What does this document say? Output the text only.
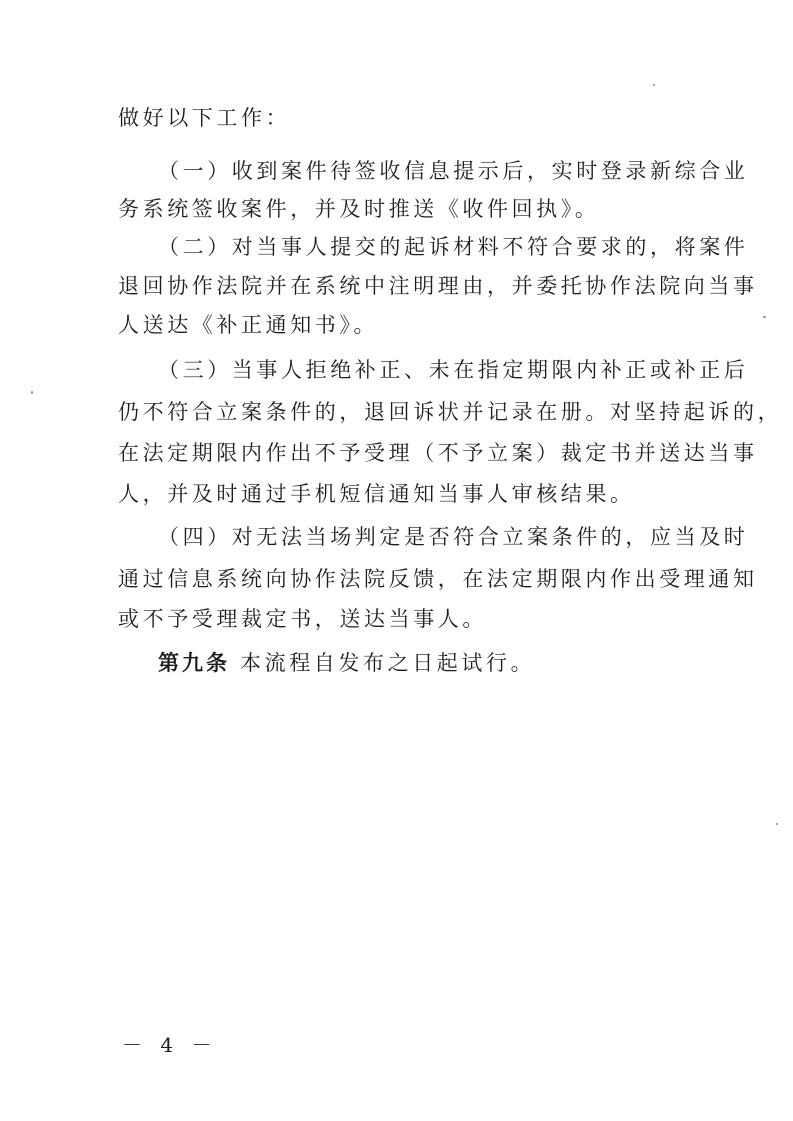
做好以下工作：
（一）收到案件待签收信息提示后，实时登录新综合业
务系统签收案件，并及时推送《收件回执》。
（二）对当事人提交的起诉材料不符合要求的，将案件
退回协作法院并在系统中注明理由，并委托协作法院向当事
人送达《补正通知书》。
（三）当事人拒绝补正、未在指定期限内补正或补正后
仍不符合立案条件的，退回诉状并记录在册。对坚持起诉的，
在法定期限内作出不予受理（不予立案）裁定书并送达当事
人，并及时通过手机短信通知当事人审核结果。
（四）对无法当场判定是否符合立案条件的，应当及时
通过信息系统向协作法院反馈，在法定期限内作出受理通知
或不予受理裁定书，送达当事人。
第九条 本流程自发布之日起试行。
－ 4 －
